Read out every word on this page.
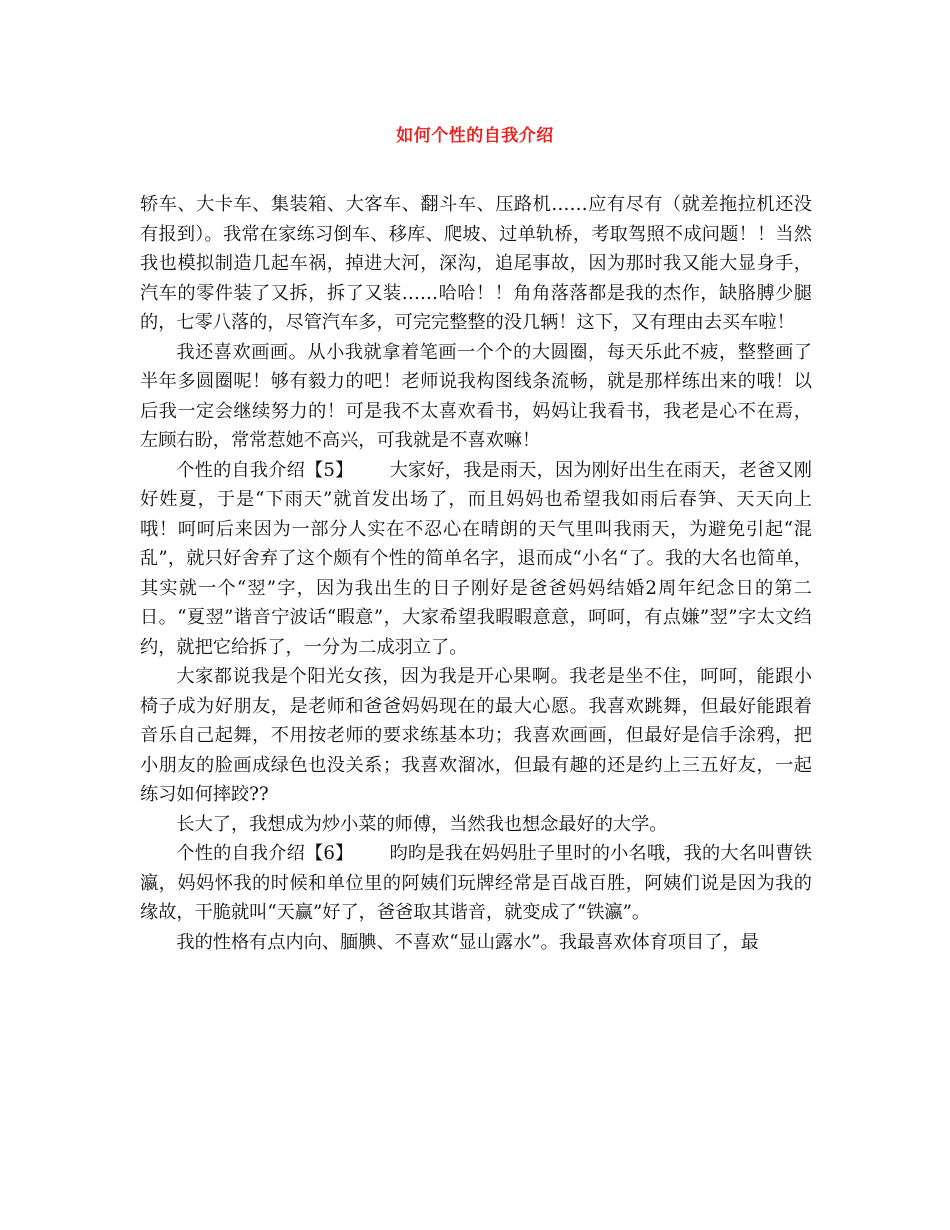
如何个性的自我介绍

轿车、大卡车、集装箱、大客车、翻斗车、压路机……应有尽有（就差拖拉机还没有报到）。我常在家练习倒车、移库、爬坡、过单轨桥，考取驾照不成问题！！当然我也模拟制造几起车祸，掉进大河，深沟，追尾事故，因为那时我又能大显身手，汽车的零件装了又拆，拆了又装……哈哈！！角角落落都是我的杰作，缺胳膊少腿的，七零八落的，尽管汽车多，可完完整整的没几辆！这下，又有理由去买车啦！

我还喜欢画画。从小我就拿着笔画一个个的大圆圈，每天乐此不疲，整整画了半年多圆圈呢！够有毅力的吧！老师说我构图线条流畅，就是那样练出来的哦！以后我一定会继续努力的！可是我不太喜欢看书，妈妈让我看书，我老是心不在焉，左顾右盼，常常惹她不高兴，可我就是不喜欢嘛！

个性的自我介绍【5】 大家好，我是雨天，因为刚好出生在雨天，老爸又刚好姓夏，于是“下雨天”就首发出场了，而且妈妈也希望我如雨后春笋、天天向上哦！呵呵后来因为一部分人实在不忍心在晴朗的天气里叫我雨天，为避免引起“混乱”，就只好舍弃了这个颇有个性的简单名字，退而成“小名“了。我的大名也简单，其实就一个“翌”字，因为我出生的日子刚好是爸爸妈妈结婚2周年纪念日的第二日。“夏翌”谐音宁波话“暇意”，大家希望我暇暇意意，呵呵，有点嫌”翌”字太文绉约，就把它给拆了，一分为二成羽立了。

大家都说我是个阳光女孩，因为我是开心果啊。我老是坐不住，呵呵，能跟小椅子成为好朋友，是老师和爸爸妈妈现在的最大心愿。我喜欢跳舞，但最好能跟着音乐自己起舞，不用按老师的要求练基本功；我喜欢画画，但最好是信手涂鸦，把小朋友的脸画成绿色也没关系；我喜欢溜冰，但最有趣的还是约上三五好友，一起练习如何摔跤??

长大了，我想成为炒小菜的师傅，当然我也想念最好的大学。

个性的自我介绍【6】 昀昀是我在妈妈肚子里时的小名哦，我的大名叫曹铁瀛，妈妈怀我的时候和单位里的阿姨们玩牌经常是百战百胜，阿姨们说是因为我的缘故，干脆就叫“天赢”好了，爸爸取其谐音，就变成了“铁瀛”。

我的性格有点内向、腼腆、不喜欢“显山露水”。我最喜欢体育项目了，最
